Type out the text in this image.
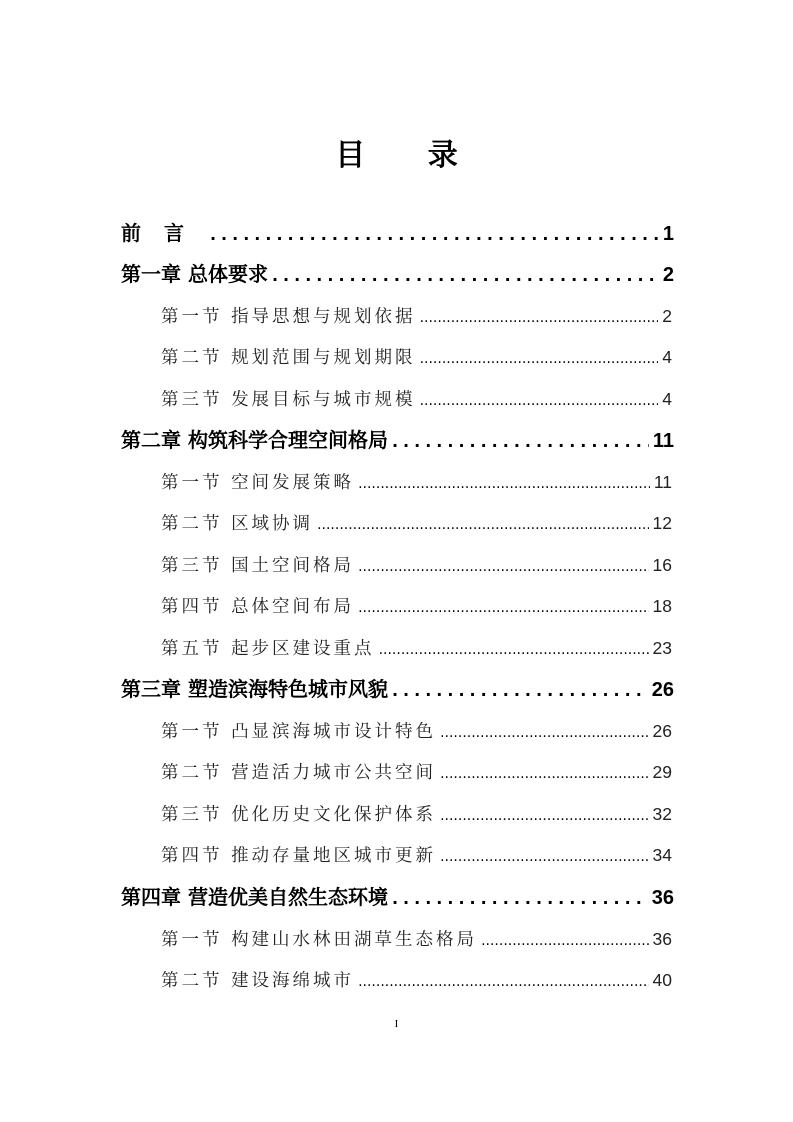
目 录
前 言 .....	1
第一章 总体要求 .....	2
第一节 指导思想与规划依据 .....	2
第二节 规划范围与规划期限 .....	4
第三节 发展目标与城市规模 .....	4
第二章 构筑科学合理空间格局 .....	11
第一节 空间发展策略 .....	11
第二节 区域协调 .....	12
第三节 国土空间格局 .....	16
第四节 总体空间布局 .....	18
第五节 起步区建设重点 .....	23
第三章 塑造滨海特色城市风貌 .....	26
第一节 凸显滨海城市设计特色 .....	26
第二节 营造活力城市公共空间 .....	29
第三节 优化历史文化保护体系 .....	32
第四节 推动存量地区城市更新 .....	34
第四章 营造优美自然生态环境 .....	36
第一节 构建山水林田湖草生态格局 .....	36
第二节 建设海绵城市 .....	40
I
